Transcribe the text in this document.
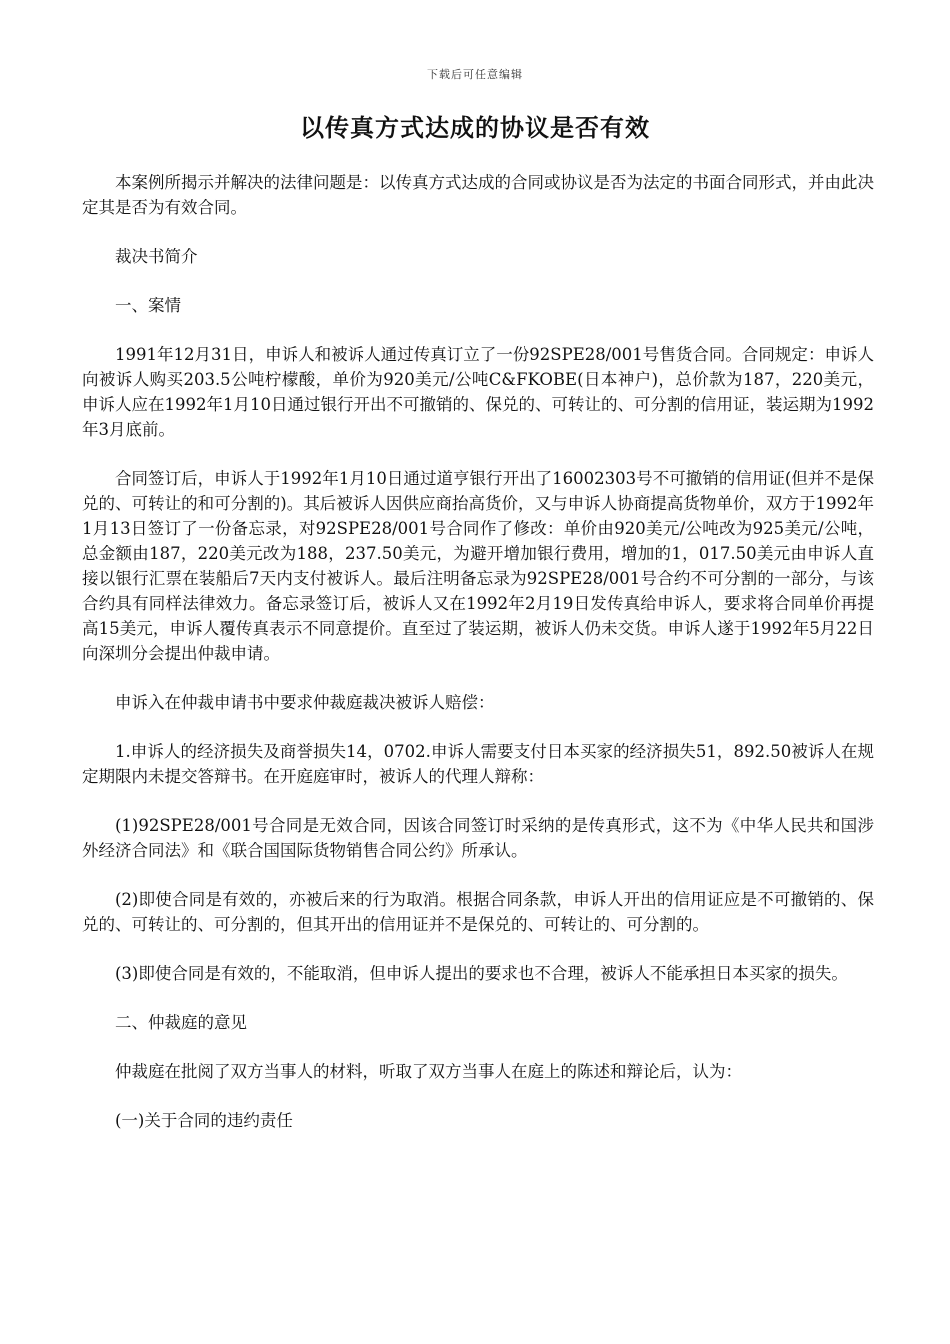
下载后可任意编辑
以传真方式达成的协议是否有效

本案例所揭示并解决的法律问题是：以传真方式达成的合同或协议是否为法定的书面合同形式，并由此决定其是否为有效合同。

裁决书简介

一、案情

1991年12月31日，申诉人和被诉人通过传真订立了一份92SPE28/001号售货合同。合同规定：申诉人向被诉人购买203.5公吨柠檬酸，单价为920美元/公吨C&FKOBE(日本神户)，总价款为187，220美元，申诉人应在1992年1月10日通过银行开出不可撤销的、保兑的、可转让的、可分割的信用证，装运期为1992年3月底前。

合同签订后，申诉人于1992年1月10日通过道亨银行开出了16002303号不可撤销的信用证(但并不是保兑的、可转让的和可分割的)。其后被诉人因供应商抬高货价，又与申诉人协商提高货物单价，双方于1992年1月13日签订了一份备忘录，对92SPE28/001号合同作了修改：单价由920美元/公吨改为925美元/公吨，总金额由187，220美元改为188，237.50美元，为避开增加银行费用，增加的1，017.50美元由申诉人直接以银行汇票在装船后7天内支付被诉人。最后注明备忘录为92SPE28/001号合约不可分割的一部分，与该合约具有同样法律效力。备忘录签订后，被诉人又在1992年2月19日发传真给申诉人，要求将合同单价再提高15美元，申诉人覆传真表示不同意提价。直至过了装运期，被诉人仍未交货。申诉人遂于1992年5月22日向深圳分会提出仲裁申请。

申诉入在仲裁申请书中要求仲裁庭裁决被诉人赔偿：

1.申诉人的经济损失及商誉损失14，0702.申诉人需要支付日本买家的经济损失51，892.50被诉人在规定期限内未提交答辩书。在开庭庭审时，被诉人的代理人辩称：

(1)92SPE28/001号合同是无效合同，因该合同签订时采纳的是传真形式，这不为《中华人民共和国涉外经济合同法》和《联合国国际货物销售合同公约》所承认。

(2)即使合同是有效的，亦被后来的行为取消。根据合同条款，申诉人开出的信用证应是不可撤销的、保兑的、可转让的、可分割的，但其开出的信用证并不是保兑的、可转让的、可分割的。

(3)即使合同是有效的，不能取消，但申诉人提出的要求也不合理，被诉人不能承担日本买家的损失。

二、仲裁庭的意见

仲裁庭在批阅了双方当事人的材料，听取了双方当事人在庭上的陈述和辩论后，认为：

(一)关于合同的违约责任
